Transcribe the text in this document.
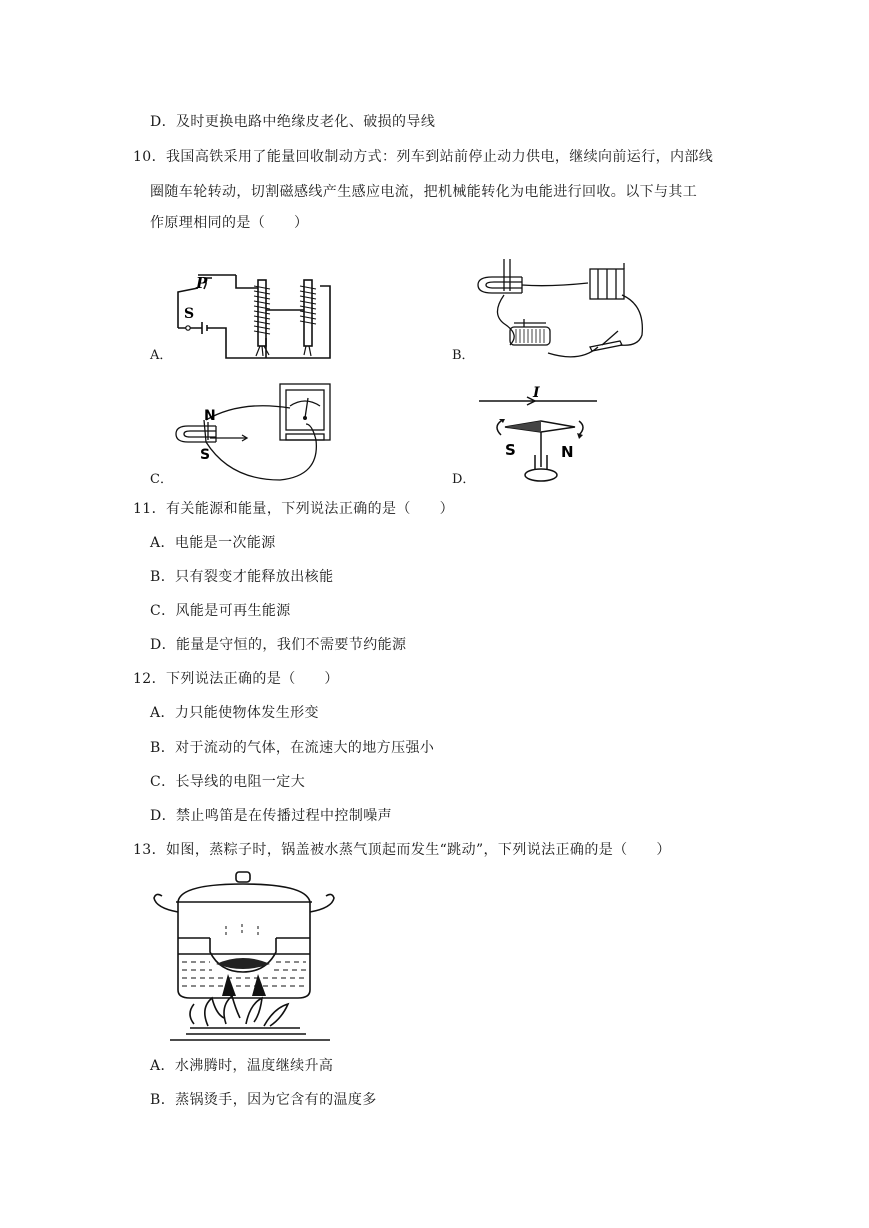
D．及时更换电路中绝缘皮老化、破损的导线
10．我国高铁采用了能量回收制动方式：列车到站前停止动力供电，继续向前运行，内部线
圈随车轮转动，切割磁感线产生感应电流，把机械能转化为电能进行回收。以下与其工
作原理相同的是（　　）
P
S
A．	B．
N
S
C．
I
S	N
D．
11．有关能源和能量，下列说法正确的是（　　）
A．电能是一次能源
B．只有裂变才能释放出核能
C．风能是可再生能源
D．能量是守恒的，我们不需要节约能源
12．下列说法正确的是（　　）
A．力只能使物体发生形变
B．对于流动的气体，在流速大的地方压强小
C．长导线的电阻一定大
D．禁止鸣笛是在传播过程中控制噪声
13．如图，蒸粽子时，锅盖被水蒸气顶起而发生“跳动”，下列说法正确的是（　　）
A．水沸腾时，温度继续升高
B．蒸锅烫手，因为它含有的温度多
